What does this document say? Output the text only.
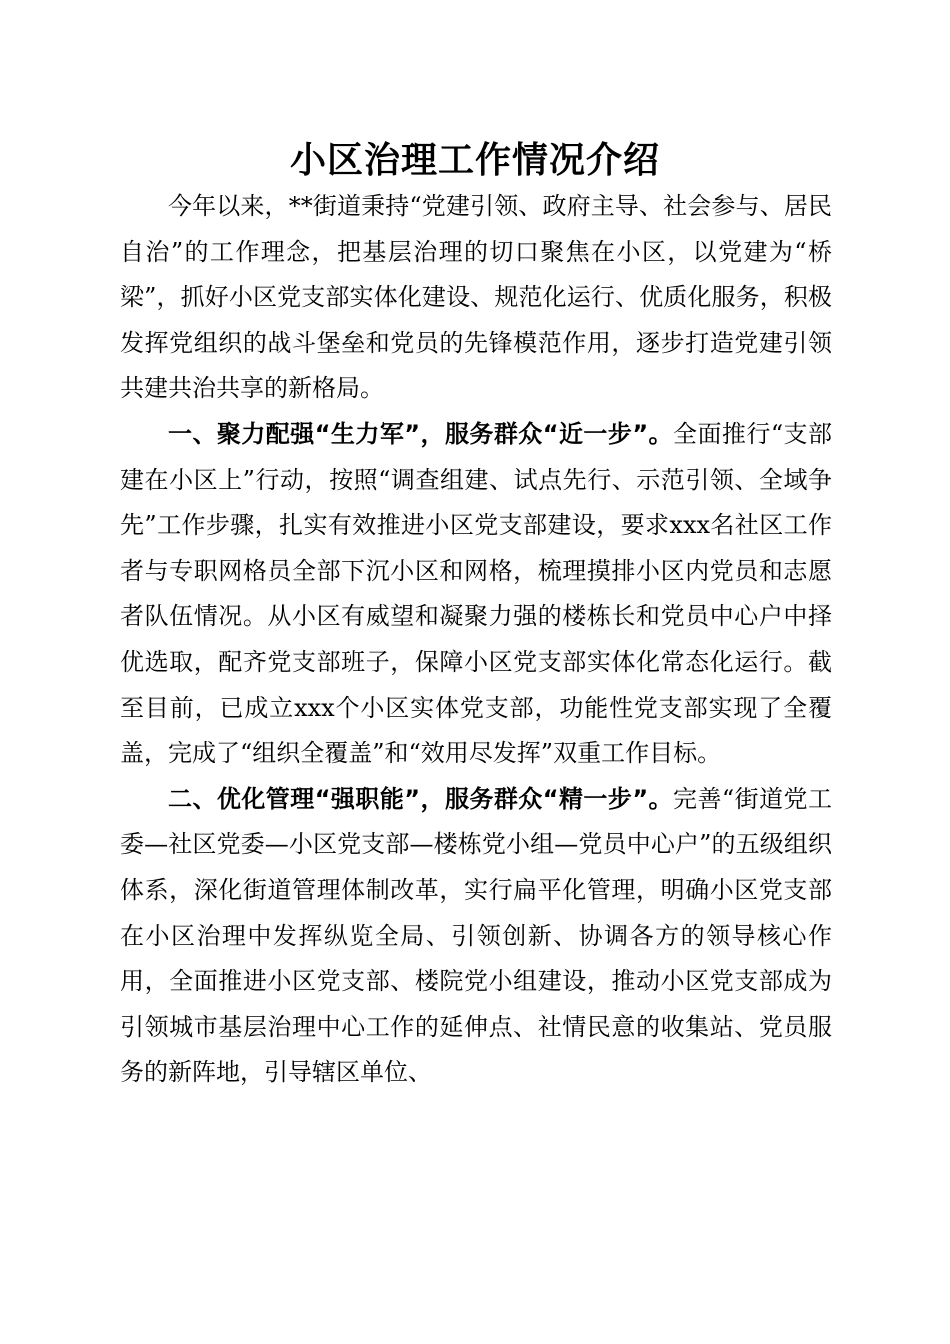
小区治理工作情况介绍

今年以来，**街道秉持“党建引领、政府主导、社会参与、居民自治”的工作理念，把基层治理的切口聚焦在小区，以党建为“桥梁”，抓好小区党支部实体化建设、规范化运行、优质化服务，积极发挥党组织的战斗堡垒和党员的先锋模范作用，逐步打造党建引领共建共治共享的新格局。

一、聚力配强“生力军”，服务群众“近一步”。全面推行“支部建在小区上”行动，按照“调查组建、试点先行、示范引领、全域争先”工作步骤，扎实有效推进小区党支部建设，要求xxx名社区工作者与专职网格员全部下沉小区和网格，梳理摸排小区内党员和志愿者队伍情况。从小区有威望和凝聚力强的楼栋长和党员中心户中择优选取，配齐党支部班子，保障小区党支部实体化常态化运行。截至目前，已成立xxx个小区实体党支部，功能性党支部实现了全覆盖，完成了“组织全覆盖”和“效用尽发挥”双重工作目标。

二、优化管理“强职能”，服务群众“精一步”。完善“街道党工委—社区党委—小区党支部—楼栋党小组—党员中心户”的五级组织体系，深化街道管理体制改革，实行扁平化管理，明确小区党支部在小区治理中发挥纵览全局、引领创新、协调各方的领导核心作用，全面推进小区党支部、楼院党小组建设，推动小区党支部成为引领城市基层治理中心工作的延伸点、社情民意的收集站、党员服务的新阵地，引导辖区单位、
